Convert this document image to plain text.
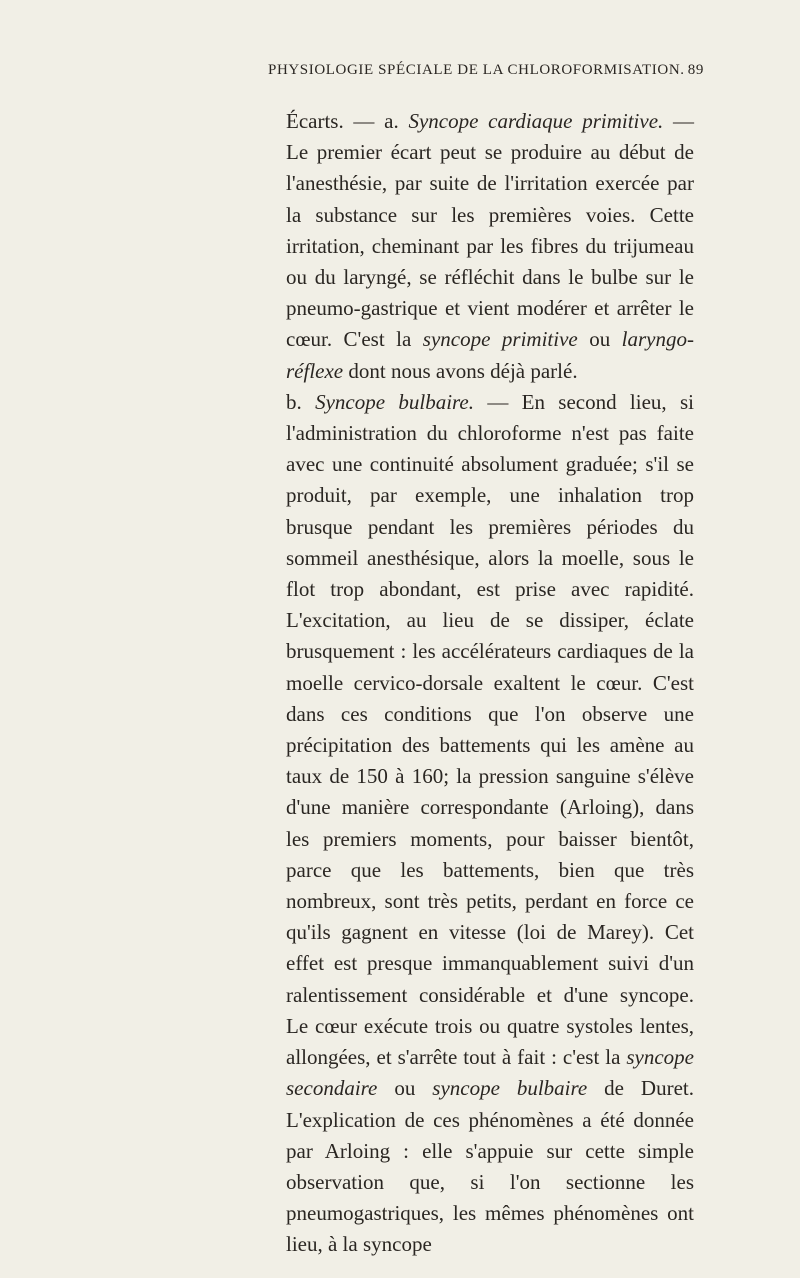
PHYSIOLOGIE SPÉCIALE DE LA CHLOROFORMISATION. 89

Écarts. — a. Syncope cardiaque primitive. — Le premier écart peut se produire au début de l'anesthésie, par suite de l'irritation exercée par la substance sur les premières voies. Cette irritation, cheminant par les fibres du trijumeau ou du laryngé, se réfléchit dans le bulbe sur le pneumo-gastrique et vient modérer et arrêter le cœur. C'est la syncope primitive ou laryngo-réflexe dont nous avons déjà parlé.

b. Syncope bulbaire. — En second lieu, si l'administration du chloroforme n'est pas faite avec une continuité absolument graduée; s'il se produit, par exemple, une inhalation trop brusque pendant les premières périodes du sommeil anesthésique, alors la moelle, sous le flot trop abondant, est prise avec rapidité. L'excitation, au lieu de se dissiper, éclate brusquement : les accélérateurs cardiaques de la moelle cervico-dorsale exaltent le cœur. C'est dans ces conditions que l'on observe une précipitation des battements qui les amène au taux de 150 à 160; la pression sanguine s'élève d'une manière correspondante (Arloing), dans les premiers moments, pour baisser bientôt, parce que les battements, bien que très nombreux, sont très petits, perdant en force ce qu'ils gagnent en vitesse (loi de Marey). Cet effet est presque immanquablement suivi d'un ralentissement considérable et d'une syncope. Le cœur exécute trois ou quatre systoles lentes, allongées, et s'arrête tout à fait : c'est la syncope secondaire ou syncope bulbaire de Duret. L'explication de ces phénomènes a été donnée par Arloing : elle s'appuie sur cette simple observation que, si l'on sectionne les pneumogastriques, les mêmes phénomènes ont lieu, à la syncope
